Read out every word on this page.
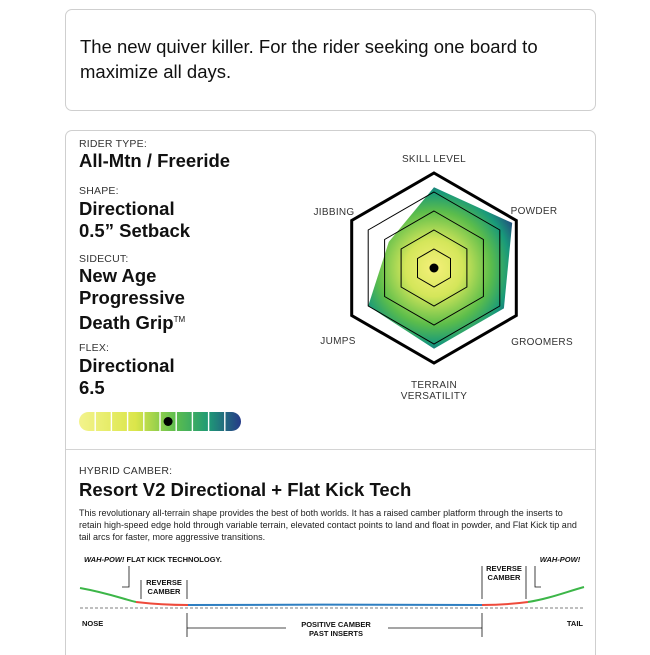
The new quiver killer. For the rider seeking one board to maximize all days.
RIDER TYPE:
All-Mtn / Freeride
SHAPE:
Directional
0.5” Setback
SIDECUT:
New Age
Progressive
Death Grip™
FLEX:
Directional
6.5
SKILL LEVEL
POWDER
GROOMERS
TERRAIN
VERSATILITY
JUMPS
JIBBING
HYBRID CAMBER:
Resort V2 Directional + Flat Kick Tech
This revolutionary all-terrain shape provides the best of both worlds. It has a raised camber platform through the inserts to retain high-speed edge hold through variable terrain, elevated contact points to land and float in powder, and Flat Kick tip and tail arcs for faster, more aggressive transitions.
WAH-POW! FLAT KICK TECHNOLOGY.
REVERSE
CAMBER
REVERSE
CAMBER
WAH-POW!
NOSE	TAIL
POSITIVE CAMBER
PAST INSERTS
